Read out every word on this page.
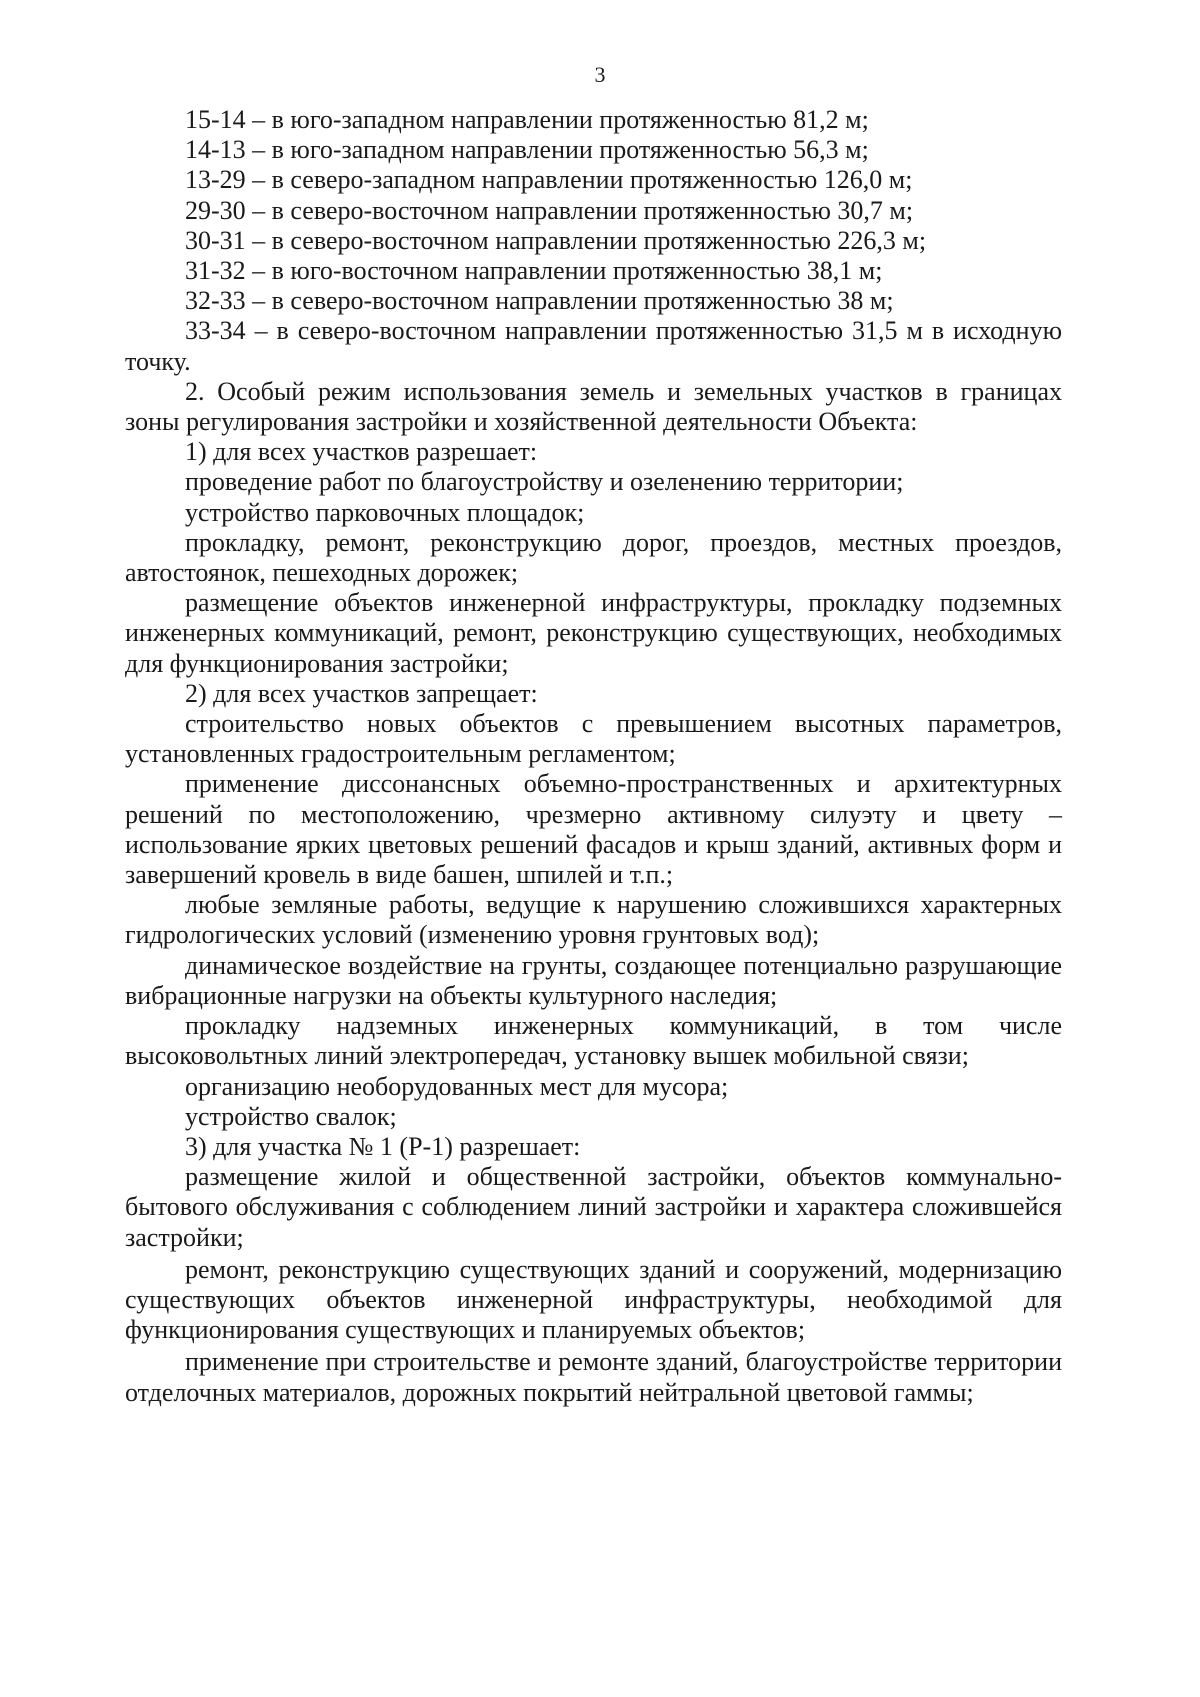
3

15-14 – в юго-западном направлении протяженностью 81,2 м;

14-13 – в юго-западном направлении протяженностью 56,3 м;

13-29 – в северо-западном направлении протяженностью 126,0 м;

29-30 – в северо-восточном направлении протяженностью 30,7 м;

30-31 – в северо-восточном направлении протяженностью 226,3 м;

31-32 – в юго-восточном направлении протяженностью 38,1 м;

32-33 – в северо-восточном направлении протяженностью 38 м;

33-34 – в северо-восточном направлении протяженностью 31,5 м в исходную точку.

2. Особый режим использования земель и земельных участков в границах зоны регулирования застройки и хозяйственной деятельности Объекта:

1) для всех участков разрешает:

проведение работ по благоустройству и озеленению территории;

устройство парковочных площадок;

прокладку, ремонт, реконструкцию дорог, проездов, местных проездов, автостоянок, пешеходных дорожек;

размещение объектов инженерной инфраструктуры, прокладку подземных инженерных коммуникаций, ремонт, реконструкцию существующих, необходимых для функционирования застройки;

2) для всех участков запрещает:

строительство новых объектов с превышением высотных параметров, установленных градостроительным регламентом;

применение диссонансных объемно-пространственных и архитектурных решений по местоположению, чрезмерно активному силуэту и цвету – использование ярких цветовых решений фасадов и крыш зданий, активных форм и завершений кровель в виде башен, шпилей и т.п.;

любые земляные работы, ведущие к нарушению сложившихся характерных гидрологических условий (изменению уровня грунтовых вод);

динамическое воздействие на грунты, создающее потенциально разрушающие вибрационные нагрузки на объекты культурного наследия;

прокладку надземных инженерных коммуникаций, в том числе высоковольтных линий электропередач, установку вышек мобильной связи;

организацию необорудованных мест для мусора;

устройство свалок;

3) для участка № 1 (Р-1) разрешает:

размещение жилой и общественной застройки, объектов коммунально-бытового обслуживания с соблюдением линий застройки и характера сложившейся застройки;

ремонт, реконструкцию существующих зданий и сооружений, модернизацию существующих объектов инженерной инфраструктуры, необходимой для функционирования существующих и планируемых объектов;

применение при строительстве и ремонте зданий, благоустройстве территории отделочных материалов, дорожных покрытий нейтральной цветовой гаммы;
